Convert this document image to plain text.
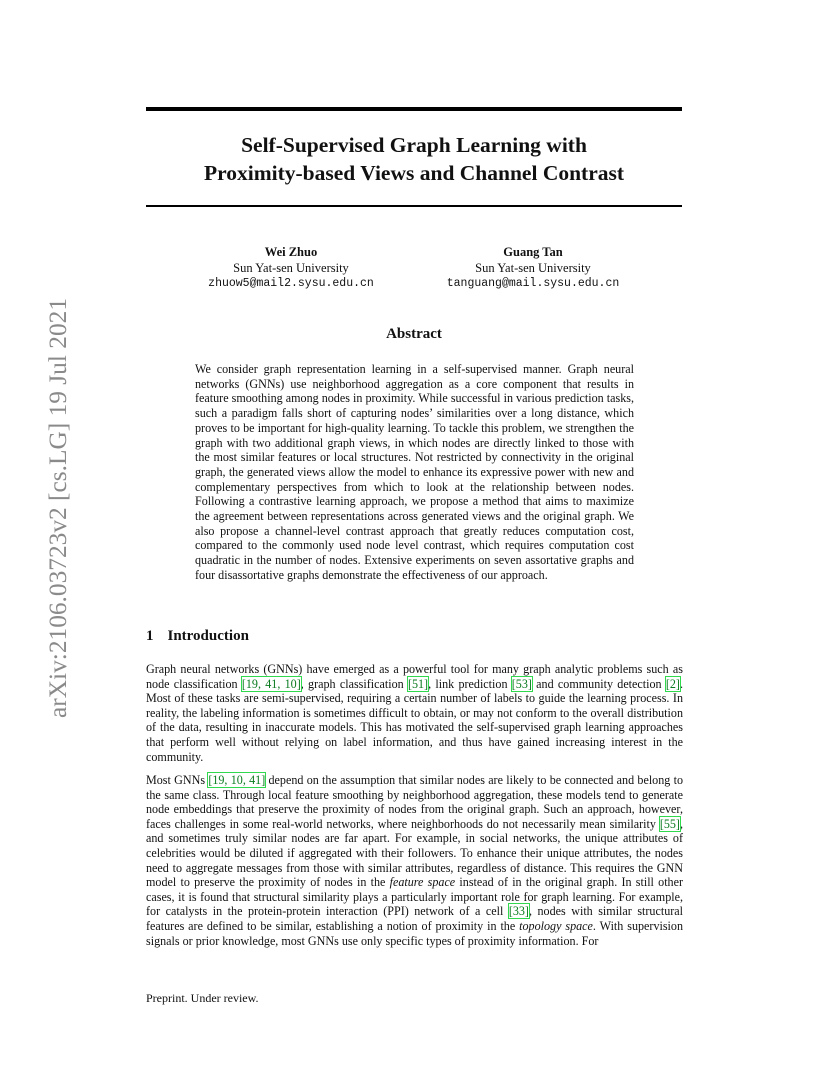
arXiv:2106.03723v2 [cs.LG] 19 Jul 2021
Self-Supervised Graph Learning with
Proximity-based Views and Channel Contrast
Wei Zhuo
Sun Yat-sen University
zhuow5@mail2.sysu.edu.cn
Guang Tan
Sun Yat-sen University
tanguang@mail.sysu.edu.cn
Abstract
We consider graph representation learning in a self-supervised manner. Graph neural networks (GNNs) use neighborhood aggregation as a core component that results in feature smoothing among nodes in proximity. While successful in various prediction tasks, such a paradigm falls short of capturing nodes’ similarities over a long distance, which proves to be important for high-quality learning. To tackle this problem, we strengthen the graph with two additional graph views, in which nodes are directly linked to those with the most similar features or local structures. Not restricted by connectivity in the original graph, the generated views allow the model to enhance its expressive power with new and complementary perspectives from which to look at the relationship between nodes. Following a contrastive learning approach, we propose a method that aims to maximize the agreement between representations across generated views and the original graph. We also propose a channel-level contrast approach that greatly reduces computation cost, compared to the commonly used node level contrast, which requires computation cost quadratic in the number of nodes. Extensive experiments on seven assortative graphs and four disassortative graphs demonstrate the effectiveness of our approach.
1 Introduction
Graph neural networks (GNNs) have emerged as a powerful tool for many graph analytic problems such as node classification [19, 41, 10], graph classification [51], link prediction [53] and community detection [2]. Most of these tasks are semi-supervised, requiring a certain number of labels to guide the learning process. In reality, the labeling information is sometimes difficult to obtain, or may not conform to the overall distribution of the data, resulting in inaccurate models. This has motivated the self-supervised graph learning approaches that perform well without relying on label information, and thus have gained increasing interest in the community.
Most GNNs [19, 10, 41] depend on the assumption that similar nodes are likely to be connected and belong to the same class. Through local feature smoothing by neighborhood aggregation, these models tend to generate node embeddings that preserve the proximity of nodes from the original graph. Such an approach, however, faces challenges in some real-world networks, where neighborhoods do not necessarily mean similarity [55], and sometimes truly similar nodes are far apart. For example, in social networks, the unique attributes of celebrities would be diluted if aggregated with their followers. To enhance their unique attributes, the nodes need to aggregate messages from those with similar attributes, regardless of distance. This requires the GNN model to preserve the proximity of nodes in the feature space instead of in the original graph. In still other cases, it is found that structural similarity plays a particularly important role for graph learning. For example, for catalysts in the protein-protein interaction (PPI) network of a cell [33], nodes with similar structural features are defined to be similar, establishing a notion of proximity in the topology space. With supervision signals or prior knowledge, most GNNs use only specific types of proximity information. For
Preprint. Under review.
